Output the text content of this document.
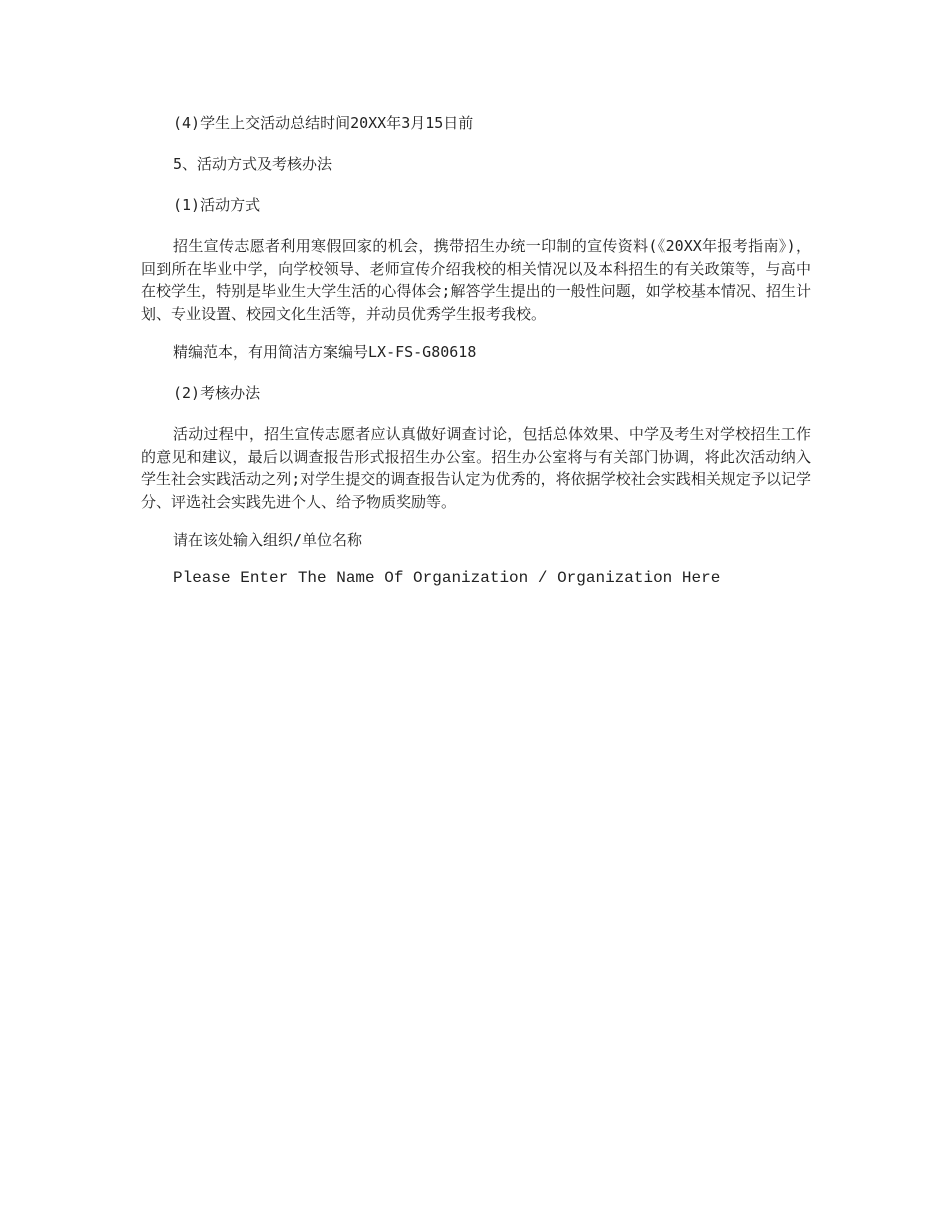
(4)学生上交活动总结时间20XX年3月15日前

5、活动方式及考核办法

(1)活动方式

招生宣传志愿者利用寒假回家的机会，携带招生办统一印制的宣传资料(《20XX年报考指南》)，回到所在毕业中学，向学校领导、老师宣传介绍我校的相关情况以及本科招生的有关政策等，与高中在校学生，特别是毕业生大学生活的心得体会;解答学生提出的一般性问题，如学校基本情况、招生计划、专业设置、校园文化生活等，并动员优秀学生报考我校。

精编范本，有用简洁方案编号LX-FS-G80618

(2)考核办法

活动过程中，招生宣传志愿者应认真做好调查讨论，包括总体效果、中学及考生对学校招生工作的意见和建议，最后以调查报告形式报招生办公室。招生办公室将与有关部门协调，将此次活动纳入学生社会实践活动之列;对学生提交的调查报告认定为优秀的，将依据学校社会实践相关规定予以记学分、评选社会实践先进个人、给予物质奖励等。

请在该处输入组织/单位名称

Please Enter The Name Of Organization / Organization Here
